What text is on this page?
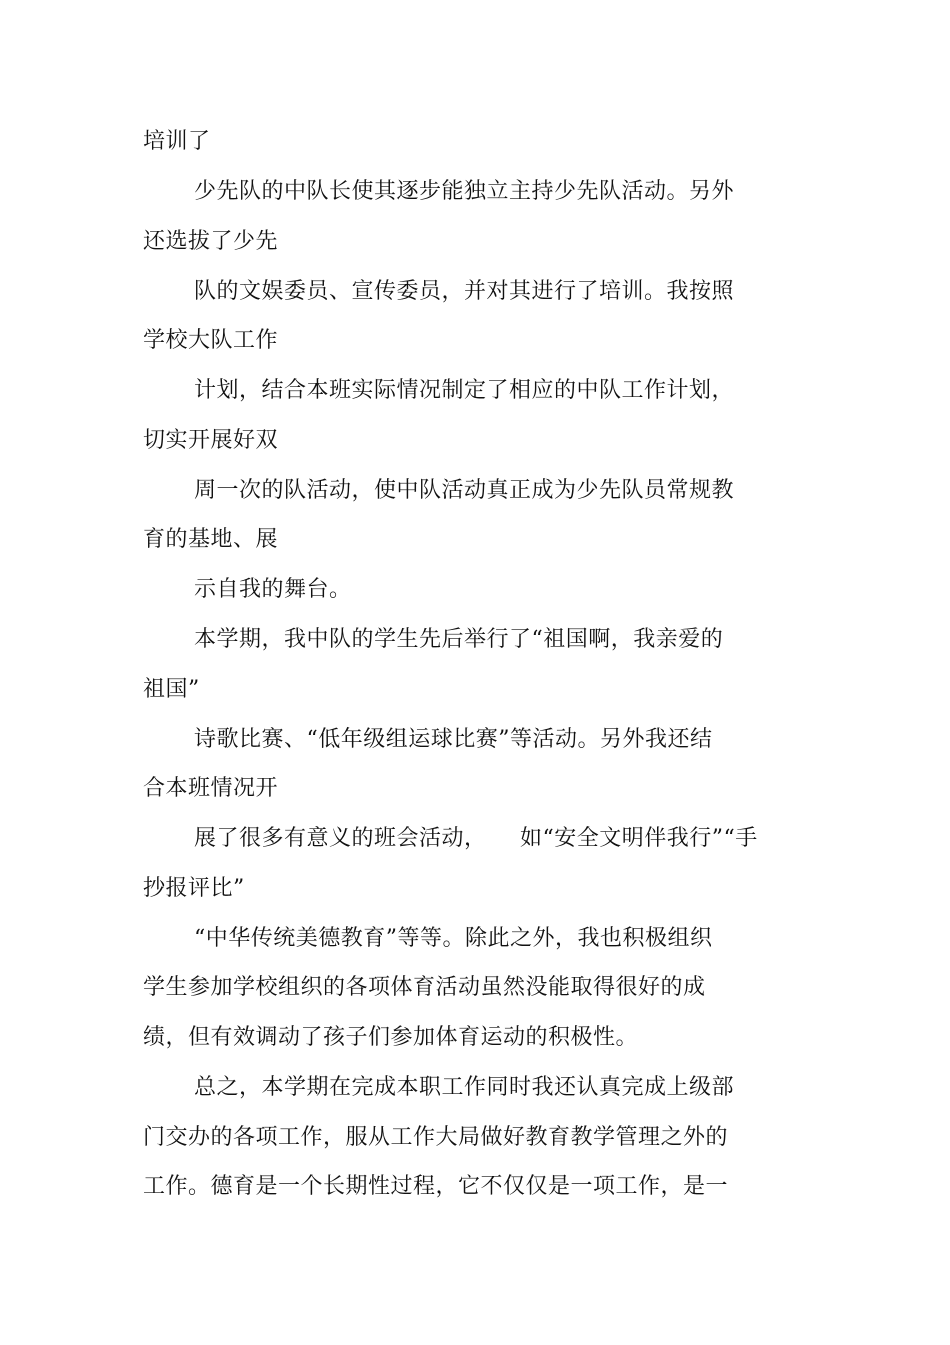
培训了
少先队的中队长使其逐步能独立主持少先队活动。另外
还选拔了少先
队的文娱委员、宣传委员，并对其进行了培训。我按照
学校大队工作
计划，结合本班实际情况制定了相应的中队工作计划，
切实开展好双
周一次的队活动，使中队活动真正成为少先队员常规教
育的基地、展
示自我的舞台。
本学期，我中队的学生先后举行了“祖国啊，我亲爱的
祖国”
诗歌比赛、“低年级组运球比赛”等活动。另外我还结
合本班情况开
展了很多有意义的班会活动， 如“安全文明伴我行”“手
抄报评比”
“中华传统美德教育”等等。除此之外，我也积极组织
学生参加学校组织的各项体育活动虽然没能取得很好的成
绩，但有效调动了孩子们参加体育运动的积极性。
总之，本学期在完成本职工作同时我还认真完成上级部
门交办的各项工作，服从工作大局做好教育教学管理之外的
工作。德育是一个长期性过程，它不仅仅是一项工作，是一
